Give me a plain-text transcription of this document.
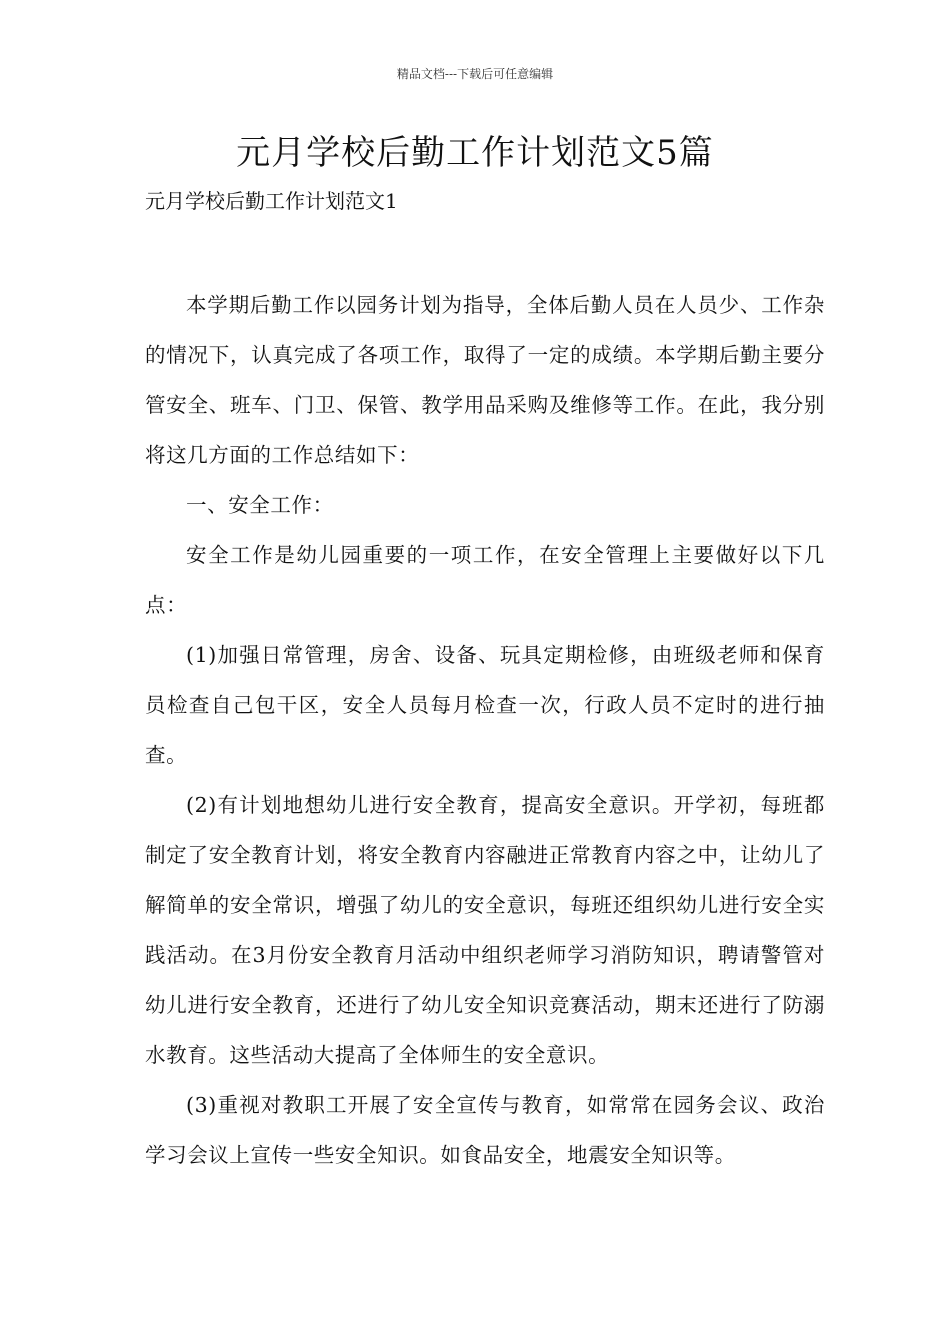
精品文档---下载后可任意编辑
元月学校后勤工作计划范文5篇
元月学校后勤工作计划范文1

本学期后勤工作以园务计划为指导，全体后勤人员在人员少、工作杂的情况下，认真完成了各项工作，取得了一定的成绩。本学期后勤主要分管安全、班车、门卫、保管、教学用品采购及维修等工作。在此，我分别将这几方面的工作总结如下：

一、安全工作：

安全工作是幼儿园重要的一项工作，在安全管理上主要做好以下几点：

(1)加强日常管理，房舍、设备、玩具定期检修，由班级老师和保育员检查自己包干区，安全人员每月检查一次，行政人员不定时的进行抽查。

(2)有计划地想幼儿进行安全教育，提高安全意识。开学初，每班都制定了安全教育计划，将安全教育内容融进正常教育内容之中，让幼儿了解简单的安全常识，增强了幼儿的安全意识，每班还组织幼儿进行安全实践活动。在3月份安全教育月活动中组织老师学习消防知识，聘请警管对幼儿进行安全教育，还进行了幼儿安全知识竞赛活动，期末还进行了防溺水教育。这些活动大提高了全体师生的安全意识。

(3)重视对教职工开展了安全宣传与教育，如常常在园务会议、政治学习会议上宣传一些安全知识。如食品安全，地震安全知识等。
